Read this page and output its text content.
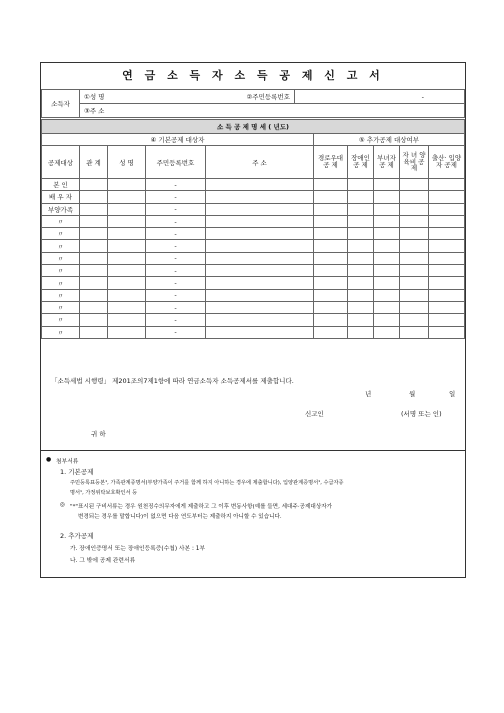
연 금 소 득 자 소 득 공 제 신 고 서
소득자	①성 명	②주민등록번호	-
③주 소
소 득 공 제 명 세 ( 년도)									
④ 기본공제 대상자					⑤ 추가공제 대상여부				
공제대상	관 계	성 명	주민등록번호	주 소	경로우대 공 제	장애인 공 제	부녀자 공 제	자 녀 양육비 공 제	출산· 입양자 공제
본 인			-						
배 우 자			-						
부양가족			-						
〃			-						
〃			-						
〃			-						
〃			-						
〃			-						
〃			-						
〃			-						
〃			-						
〃			-						
〃			-						
「소득세법 시행령」 제201조의7제1항에 따라 연금소득자 소득공제서를 제출합니다.
년	월	일
신고인	(서명 또는 인)
귀 하
● 첨부서류
1. 기본공제
주민등록표등본¹, 가족관계증명서(부양가족이 주거를 함께 하지 아니하는 경우에 제출합니다), 입양관계증명서¹, 수급자증
명서¹, 가정위탁보호확인서 등
◎ "*"표시된 구비서류는 경우 원천징수의무자에게 제출하고 그 이후 변동사항(예를 들면, 세대주·공제대상자가
변경되는 경우를 말합니다)이 없으면 다음 연도부터는 제출하지 아니할 수 있습니다.
2. 추가공제
가. 장애인증명서 또는 장애인등록증(수첩) 사본 : 1부
나. 그 밖에 공제 관련서류
